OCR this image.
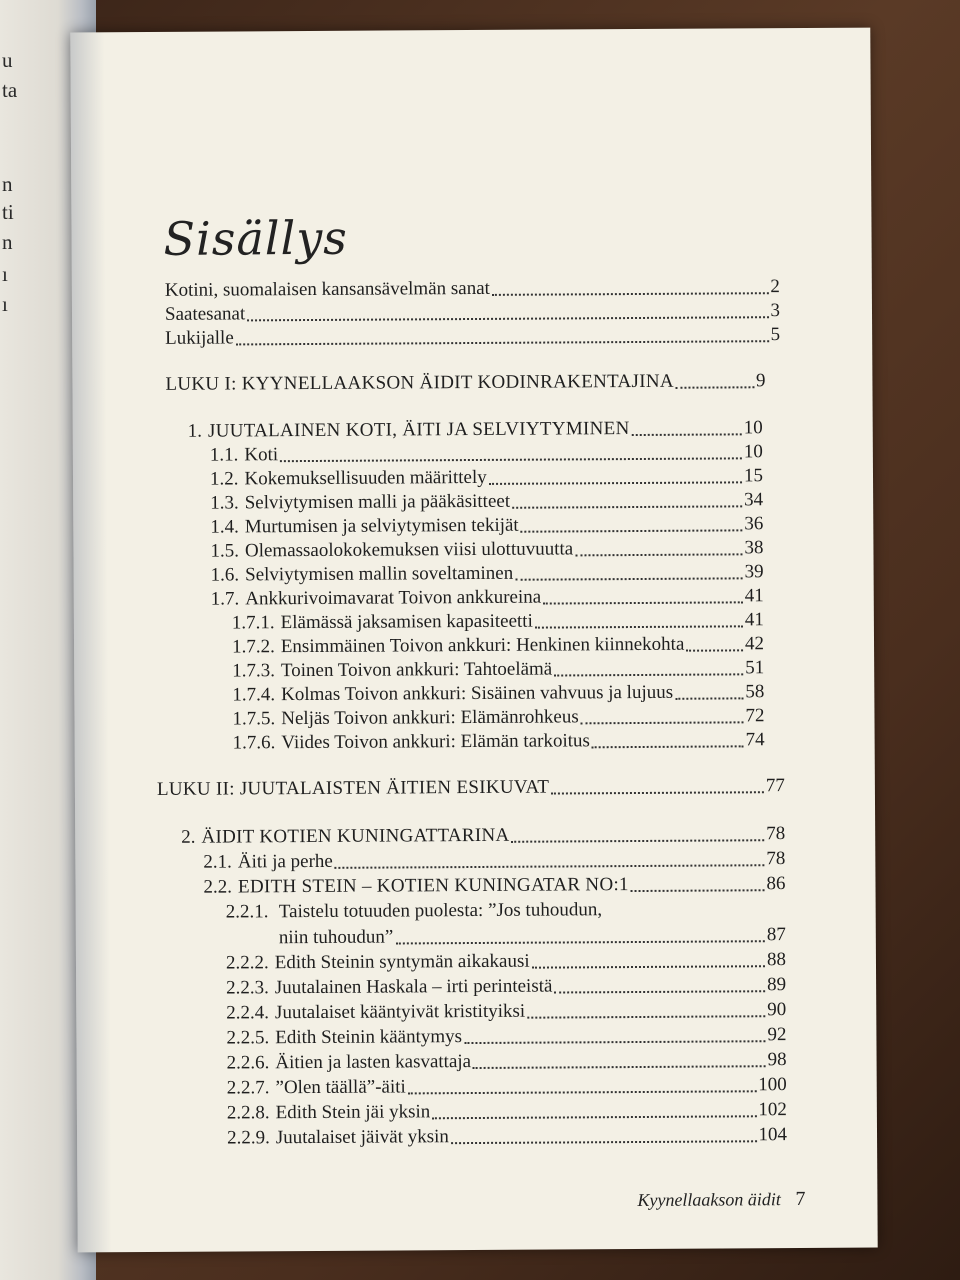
u
ta
n
ti
n
ı
ı
Sisällys
Kotini, suomalaisen kansansävelmän sanat	2
Saatesanat	3
Lukijalle	5
LUKU I: KYYNELLAAKSON ÄIDIT KODINRAKENTAJINA	9
1. JUUTALAINEN KOTI, ÄITI JA SELVIYTYMINEN	10
1.1. Koti	10
1.2. Kokemuksellisuuden määrittely	15
1.3. Selviytymisen malli ja pääkäsitteet	34
1.4. Murtumisen ja selviytymisen tekijät	36
1.5. Olemassaolokokemuksen viisi ulottuvuutta	38
1.6. Selviytymisen mallin soveltaminen	39
1.7. Ankkurivoimavarat Toivon ankkureina	41
1.7.1. Elämässä jaksamisen kapasiteetti	41
1.7.2. Ensimmäinen Toivon ankkuri: Henkinen kiinnekohta	42
1.7.3. Toinen Toivon ankkuri: Tahtoelämä	51
1.7.4. Kolmas Toivon ankkuri: Sisäinen vahvuus ja lujuus	58
1.7.5. Neljäs Toivon ankkuri: Elämänrohkeus	72
1.7.6. Viides Toivon ankkuri: Elämän tarkoitus	74
LUKU II: JUUTALAISTEN ÄITIEN ESIKUVAT	77
2. ÄIDIT KOTIEN KUNINGATTARINA	78
2.1. Äiti ja perhe	78
2.2. EDITH STEIN – KOTIEN KUNINGATAR NO:1	86
2.2.1. Taistelu totuuden puolesta: ”Jos tuhoudun,
niin tuhoudun”	87
2.2.2. Edith Steinin syntymän aikakausi	88
2.2.3. Juutalainen Haskala – irti perinteistä	89
2.2.4. Juutalaiset kääntyivät kristityiksi	90
2.2.5. Edith Steinin kääntymys	92
2.2.6. Äitien ja lasten kasvattaja	98
2.2.7. ”Olen täällä”-äiti	100
2.2.8. Edith Stein jäi yksin	102
2.2.9. Juutalaiset jäivät yksin	104
Kyynellaakson äidit 7
